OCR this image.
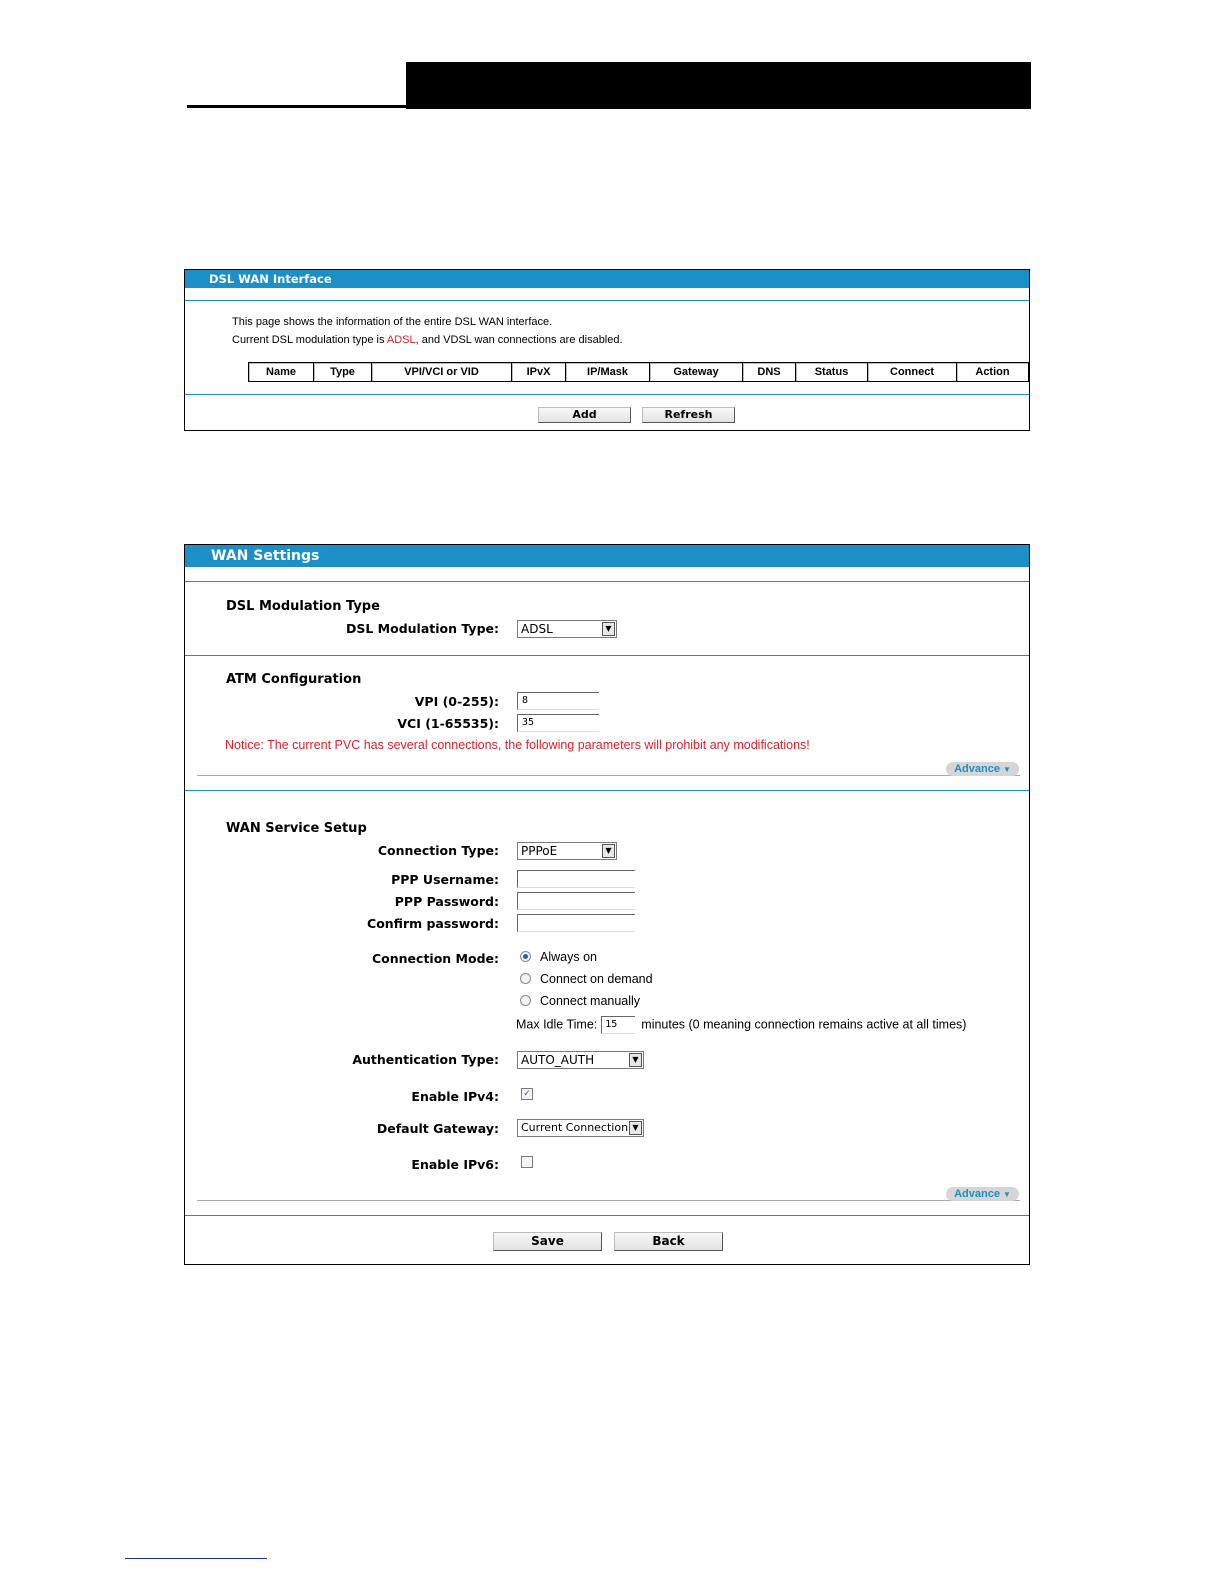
DSL WAN Interface
This page shows the information of the entire DSL WAN interface.
Current DSL modulation type is ADSL, and VDSL wan connections are disabled.
Name	Type	VPI/VCI or VID	IPvX	IP/Mask	Gateway	DNS	Status	Connect	Action
Add	Refresh
WAN Settings
DSL Modulation Type
DSL Modulation Type:	ADSL	▼
ATM Configuration
VPI (0-255):	8
VCI (1-65535):	35
Notice: The current PVC has several connections, the following parameters will prohibit any modifications!
Advance ▼
WAN Service Setup
Connection Type:	PPPoE	▼
PPP Username:
PPP Password:
Confirm password:
Connection Mode:	Always on
Connect on demand
Connect manually
Max Idle Time: 15 minutes (0 meaning connection remains active at all times)
Authentication Type:	AUTO_AUTH	▼
Enable IPv4:	✓
Default Gateway:	Current Connection ▼
Enable IPv6:
Advance ▼
Save	Back
